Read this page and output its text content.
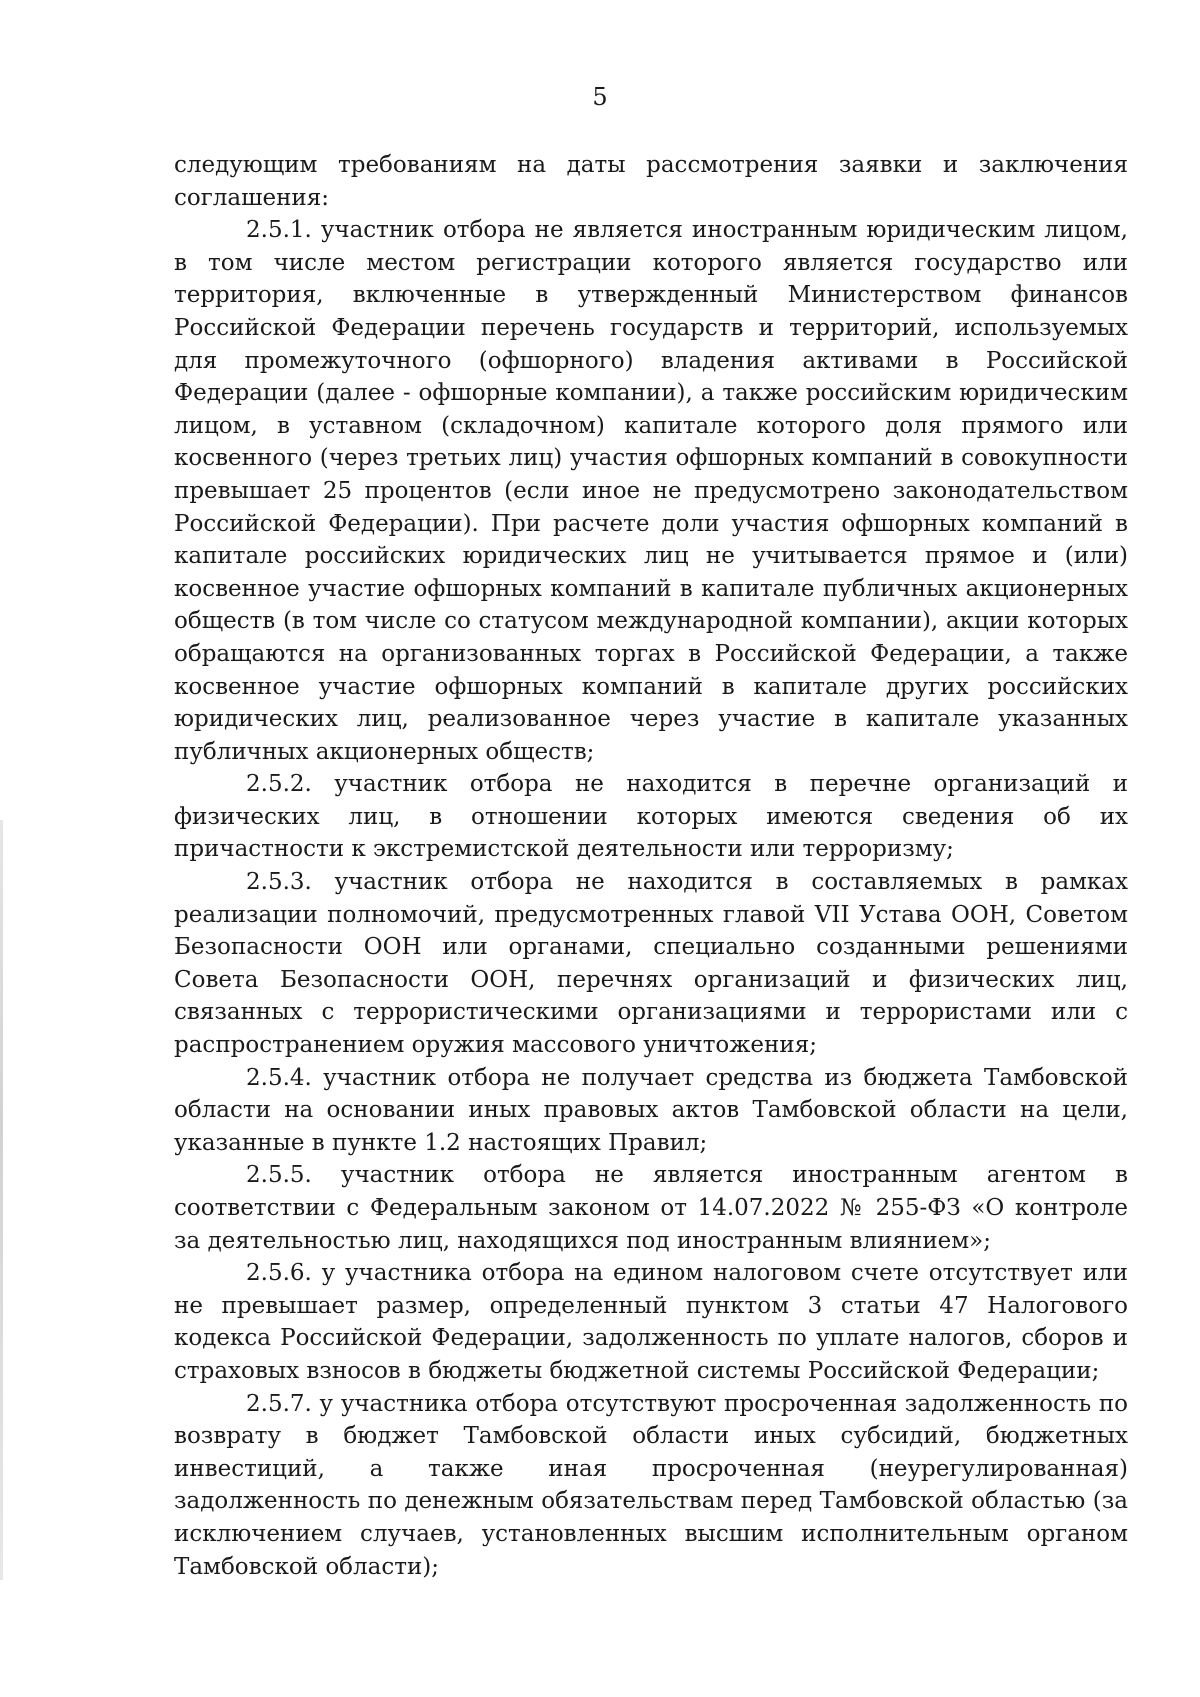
5

следующим требованиям на даты рассмотрения заявки и заключения соглашения:

2.5.1. участник отбора не является иностранным юридическим лицом, в том числе местом регистрации которого является государство или территория, включенные в утвержденный Министерством финансов Российской Федерации перечень государств и территорий, используемых для промежуточного (офшорного) владения активами в Российской Федерации (далее - офшорные компании), а также российским юридическим лицом, в уставном (складочном) капитале которого доля прямого или косвенного (через третьих лиц) участия офшорных компаний в совокупности превышает 25 процентов (если иное не предусмотрено законодательством Российской Федерации). При расчете доли участия офшорных компаний в капитале российских юридических лиц не учитывается прямое и (или) косвенное участие офшорных компаний в капитале публичных акционерных обществ (в том числе со статусом международной компании), акции которых обращаются на организованных торгах в Российской Федерации, а также косвенное участие офшорных компаний в капитале других российских юридических лиц, реализованное через участие в капитале указанных публичных акционерных обществ;

2.5.2. участник отбора не находится в перечне организаций и физических лиц, в отношении которых имеются сведения об их причастности к экстремистской деятельности или терроризму;

2.5.3. участник отбора не находится в составляемых в рамках реализации полномочий, предусмотренных главой VII Устава ООН, Советом Безопасности ООН или органами, специально созданными решениями Совета Безопасности ООН, перечнях организаций и физических лиц, связанных с террористическими организациями и террористами или с распространением оружия массового уничтожения;

2.5.4. участник отбора не получает средства из бюджета Тамбовской области на основании иных правовых актов Тамбовской области на цели, указанные в пункте 1.2 настоящих Правил;

2.5.5. участник отбора не является иностранным агентом в соответствии с Федеральным законом от 14.07.2022 № 255-ФЗ «О контроле за деятельностью лиц, находящихся под иностранным влиянием»;

2.5.6. у участника отбора на едином налоговом счете отсутствует или не превышает размер, определенный пунктом 3 статьи 47 Налогового кодекса Российской Федерации, задолженность по уплате налогов, сборов и страховых взносов в бюджеты бюджетной системы Российской Федерации;

2.5.7. у участника отбора отсутствуют просроченная задолженность по возврату в бюджет Тамбовской области иных субсидий, бюджетных инвестиций, а также иная просроченная (неурегулированная) задолженность по денежным обязательствам перед Тамбовской областью (за исключением случаев, установленных высшим исполнительным органом Тамбовской области);
